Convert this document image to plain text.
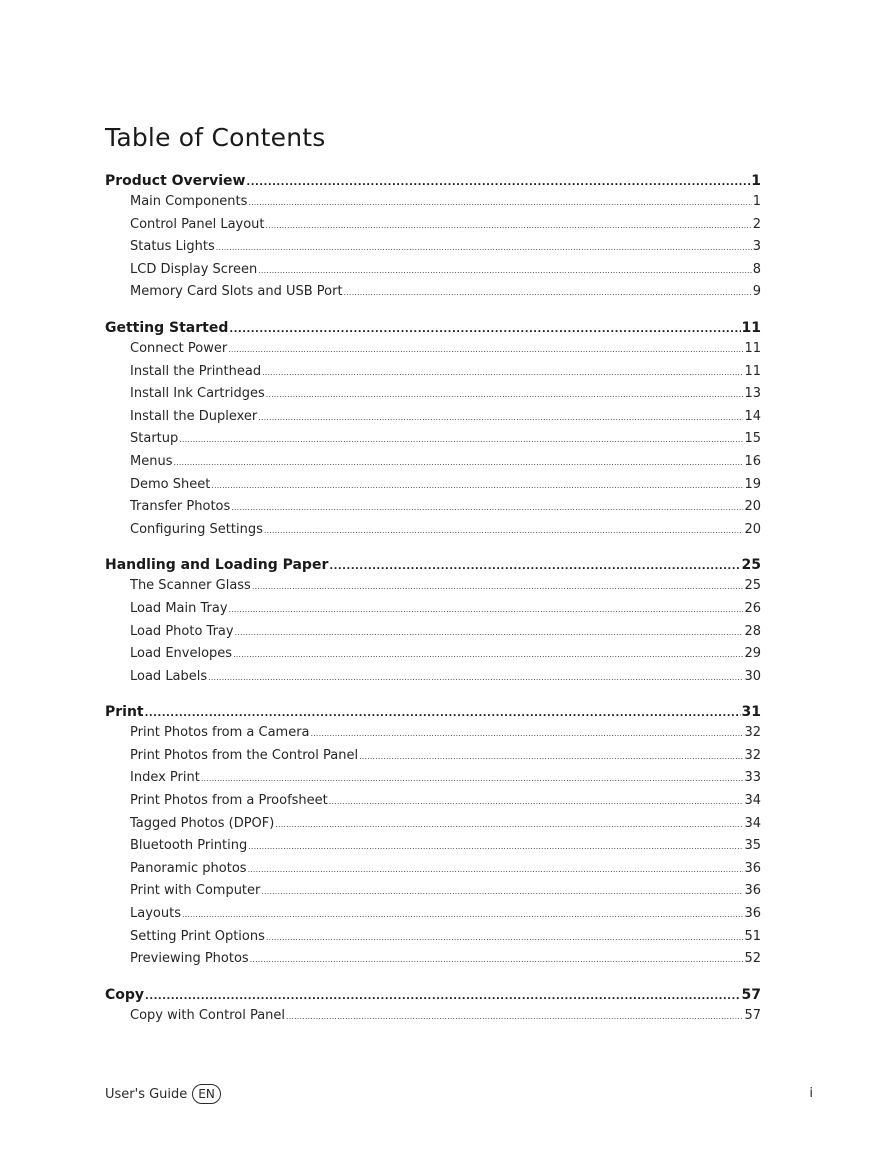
Table of Contents
Product Overview . . .	1
Main Components . . .	1
Control Panel Layout . . .	2
Status Lights . . .	3
LCD Display Screen . . .	8
Memory Card Slots and USB Port . . .	9
Getting Started . . .	11
Connect Power . . .	11
Install the Printhead . . .	11
Install Ink Cartridges . . .	13
Install the Duplexer . . .	14
Startup . . .	15
Menus . . .	16
Demo Sheet . . .	19
Transfer Photos . . .	20
Configuring Settings . . .	20
Handling and Loading Paper . . .	25
The Scanner Glass . . .	25
Load Main Tray . . .	26
Load Photo Tray . . .	28
Load Envelopes . . .	29
Load Labels . . .	30
Print . . .	31
Print Photos from a Camera . . .	32
Print Photos from the Control Panel . . .	32
Index Print . . .	33
Print Photos from a Proofsheet . . .	34
Tagged Photos (DPOF) . . .	34
Bluetooth Printing . . .	35
Panoramic photos . . .	36
Print with Computer . . .	36
Layouts . . .	36
Setting Print Options . . .	51
Previewing Photos . . .	52
Copy . . .	57
Copy with Control Panel . . .	57
User's Guide EN	i
